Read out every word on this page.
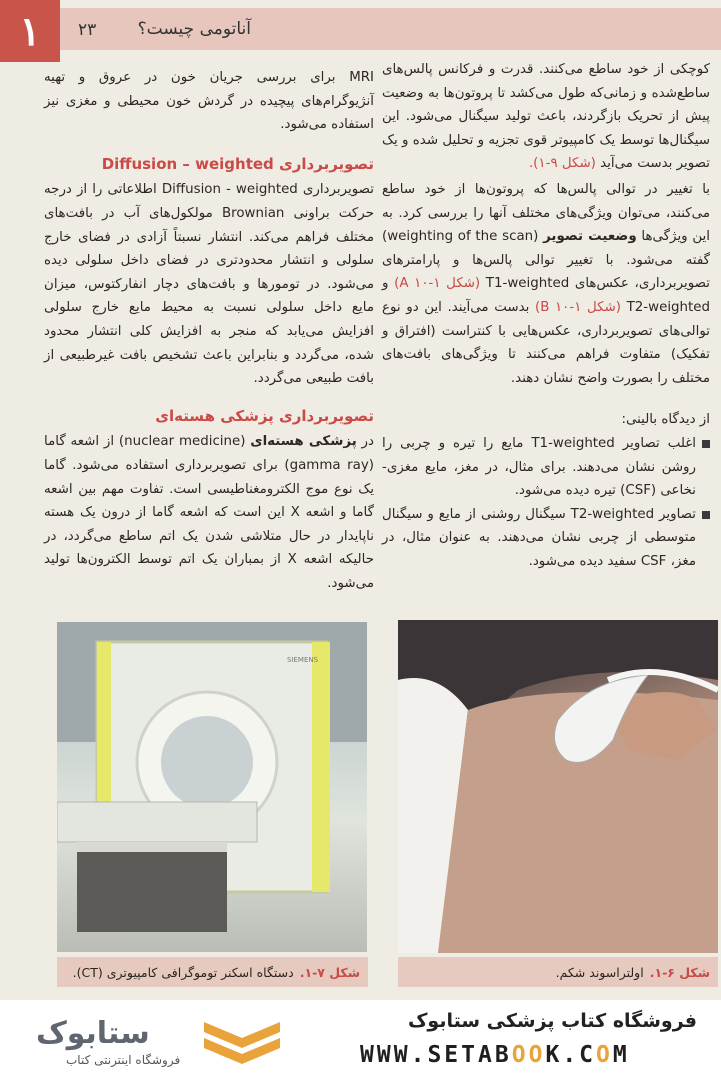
۱	۲۳ آناتومی چیست؟

کوچکی از خود ساطع می‌کنند. قدرت و فرکانس پالس‌های ساطع‌شده و زمانی‌که طول می‌کشد تا پروتون‌ها به وضعیت پیش از تحریک بازگردند، باعث تولید سیگنال می‌شود. این سیگنال‌ها توسط یک کامپیوتر قوی تجزیه و تحلیل شده و یک تصویر بدست می‌آید (شکل ۹-۱).

با تغییر در توالی پالس‌ها که پروتون‌ها از خود ساطع می‌کنند، می‌توان ویژگی‌های مختلف آنها را بررسی کرد. به این ویژگی‌ها وضعیت تصویر (weighting of the scan) گفته می‌شود. با تغییر توالی پالس‌ها و پارامترهای تصویربرداری، عکس‌های T1-weighted (شکل A ۱۰-۱) و T2-weighted (شکل B ۱۰-۱) بدست می‌آیند. این دو نوع توالی‌های تصویربرداری، عکس‌هایی با کنتراست (افتراق و تفکیک) متفاوت فراهم می‌کنند تا ویژگی‌های بافت‌های مختلف را بصورت واضح نشان دهند.

از دیدگاه بالینی:

اغلب تصاویر T1-weighted مایع را تیره و چربی را روشن نشان می‌دهند. برای مثال، در مغز، مایع مغزی-نخاعی (CSF) تیره دیده می‌شود.
تصاویر T2-weighted سیگنال روشنی از مایع و سیگنال متوسطی از چربی نشان می‌دهند. به عنوان مثال، در مغز، CSF سفید دیده می‌شود.

MRI برای بررسی جریان خون در عروق و تهیه آنژیوگرام‌های پیچیده در گردش خون محیطی و مغزی نیز استفاده می‌شود.

تصویربرداری Diffusion – weighted

تصویربرداری Diffusion - weighted اطلاعاتی را از درجه حرکت براونی Brownian مولکول‌های آب در بافت‌های مختلف فراهم می‌کند. انتشار نسبتاً آزادی در فضای خارج سلولی و انتشار محدودتری در فضای داخل سلولی دیده می‌شود. در تومورها و بافت‌های دچار انفارکتوس، میزان مایع داخل سلولی نسبت به محیط مایع خارج سلولی افزایش می‌یابد که منجر به افزایش کلی انتشار محدود شده، می‌گردد و بنابراین باعث تشخیص بافت غیرطبیعی از بافت طبیعی می‌گردد.

تصویربرداری پزشکی هسته‌ای

در پزشکی هسته‌ای (nuclear medicine) از اشعه گاما (gamma ray) برای تصویربرداری استفاده می‌شود. گاما یک نوع موج الکترومغناطیسی است. تفاوت مهم بین اشعه گاما و اشعه X این است که اشعه گاما از درون یک هسته ناپایدار در حال متلاشی شدن یک اتم ساطع می‌گردد، در حالیکه اشعه X از بمباران یک اتم توسط الکترون‌ها تولید می‌شود.

SIEMENS
شکل ۷-۱.
دستگاه اسکنر توموگرافی کامپیوتری (CT).	شکل ۶-۱.
اولتراسوند شکم.
فروشگاه کتاب پزشکی ستابوک
WWW.SETABOOK.COM
ستابوک
فروشگاه اینترنتی کتاب
